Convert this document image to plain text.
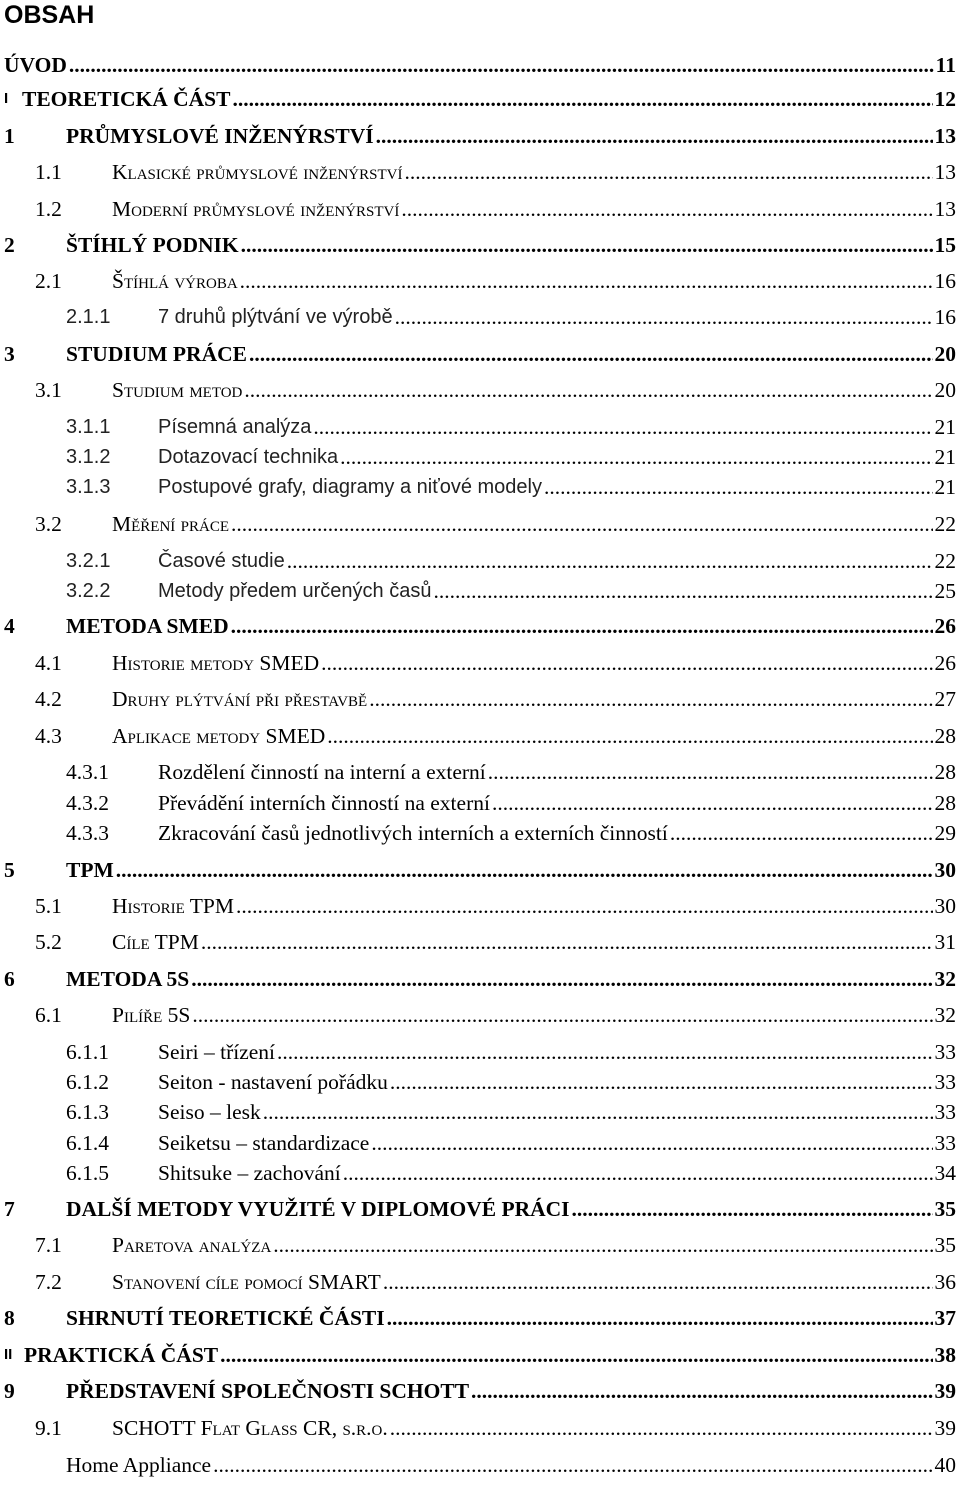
OBSAH
ÚVOD .....	11
I TEORETICKÁ ČÁST .....	12
1 PRŮMYSLOVÉ INŽENÝRSTVÍ .....	13
1.1 Klasické průmyslové inženýrství .....	13
1.2 Moderní průmyslové inženýrství .....	13
2 ŠTÍHLÝ PODNIK .....	15
2.1 Štíhlá výroba .....	16
2.1.1 7 druhů plýtvání ve výrobě .....	16
3 STUDIUM PRÁCE .....	20
3.1 Studium metod .....	20
3.1.1 Písemná analýza .....	21
3.1.2 Dotazovací technika .....	21
3.1.3 Postupové grafy, diagramy a niťové modely .....	21
3.2 Měření práce .....	22
3.2.1 Časové studie .....	22
3.2.2 Metody předem určených časů .....	25
4 METODA SMED .....	26
4.1 Historie metody SMED .....	26
4.2 Druhy plýtvání při přestavbě .....	27
4.3 Aplikace metody SMED .....	28
4.3.1 Rozdělení činností na interní a externí .....	28
4.3.2 Převádění interních činností na externí .....	28
4.3.3 Zkracování časů jednotlivých interních a externích činností .....	29
5 TPM .....	30
5.1 Historie TPM .....	30
5.2 Cíle TPM .....	31
6 METODA 5S .....	32
6.1 Pilíře 5S .....	32
6.1.1 Seiri – třízení .....	33
6.1.2 Seiton - nastavení pořádku .....	33
6.1.3 Seiso – lesk .....	33
6.1.4 Seiketsu – standardizace .....	33
6.1.5 Shitsuke – zachování .....	34
7 DALŠÍ METODY VYUŽITÉ V DIPLOMOVÉ PRÁCI .....	35
7.1 Paretova analýza .....	35
7.2 Stanovení cíle pomocí SMART .....	36
8 SHRNUTÍ TEORETICKÉ ČÁSTI .....	37
II PRAKTICKÁ ČÁST .....	38
9 PŘEDSTAVENÍ SPOLEČNOSTI SCHOTT .....	39
9.1 SCHOTT Flat Glass CR, s.r.o. .....	39
Home Appliance .....	40
